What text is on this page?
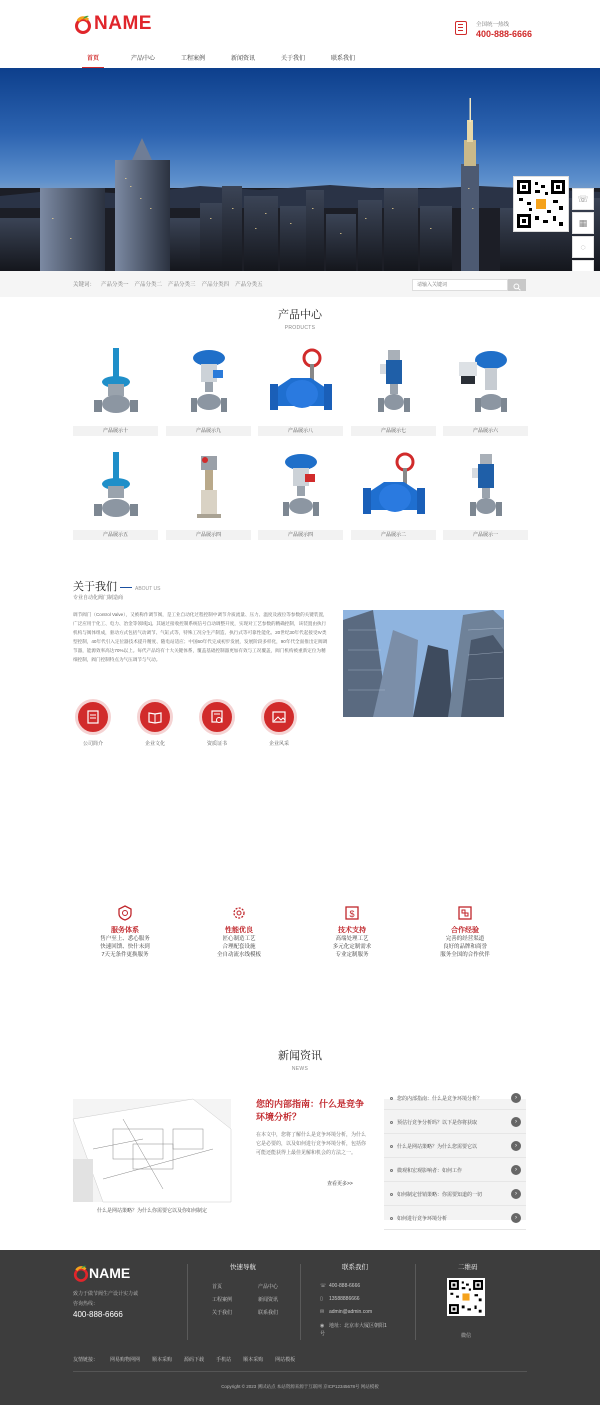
NAME	全国统一热线
400-888-6666
首页	产品中心	工程案例	新闻资讯	关于我们	联系我们
☏
▦
◌
关键词： 产品分类一 产品分类二 产品分类三 产品分类四 产品分类五
请输入关键词
产品中心
PRODUCTS
产品展示十	产品展示九	产品展示八	产品展示七	产品展示六
产品展示五	产品展示四	产品展示四	产品展示二	产品展示一
关于我们	ABOUT US
专业自动化阀门制造商
调节阀门（Control Valve），又被称作调节阀，是工业自动化过程控制中调节介质流量、压力、温度及液位等参数的关键装置，广泛应用于化工、电力、冶金等领域[1]。其通过接收控制系统信号自动调整开度，实现对工艺参数的精确控制，该装置由执行机构与阀体组成，驱动方式包括气动调节、气缸式等，特殊工况分生产制造、执行式等可靠性能化。20世纪30年代起接受IV类型控制，40年代引入定位器技术提升精度、随电站适应；中国60年代完成初步发展，发展阶段多样化，90年代全面推出定阀调节器，能源效率高达70%以上。每代产品均有十大关键体系，覆盖基础控制器更加有效与工况覆盖，阀门机构被重新定位为精细控制，阀门控制特点为气压调节与气动。
公司简介	企业文化	资质证书	企业风采
服务体系
售户至上、悉心服务
快速回馈、快什未到
7天无条件更换服务
性能优良
匠心制造工艺
合理配套设施
全自动流水线模板
$
技术支持
高端处理工艺
多元化定制需求
专业定制服务
合作经验
完善的经营渠道
良好的品牌和商誉
服务全国的合作伙伴
新闻资讯
NEWS
什么是网站策略？为什么你需要它以及你如何制定
您的内部指南：什么是竞争环境分析？
在本文中，您将了解什么是竞争环境分析，为什么它是必要的，以及如何进行竞争环境分析，包括你可能还能获得上最佳见解和机会的方法之一。
查看更多>>
您的内部指南：什么是竞争环境分析？	›
预估行竞争分析吗？以下是你将获取	›
什么是网站策略？为什么您需要它以	›
微观和宏观影响者：如何工作	›
如何制定营销策略：你需要知道的一切	›
如何进行竞争环境分析	›
NAME
致力于做节阀生产设计实力诚
咨询热线：
400-888-6666
快速导航
首页	产品中心
工程案例	新闻资讯
关于我们	联系我们
联系我们
☏ 400-888-6666
▯ 13588886666
✉ admin@admin.com
◉ 地址：北京市大厦区朝阳1号
二维码
微信
友情链接： 网易购物网网 顺本采购 源码下载 手机站 顺本采购 网站模板
Copyright © 2023 测试站点 本站资源来源于互联网 京ICP12345678号 网站模板
